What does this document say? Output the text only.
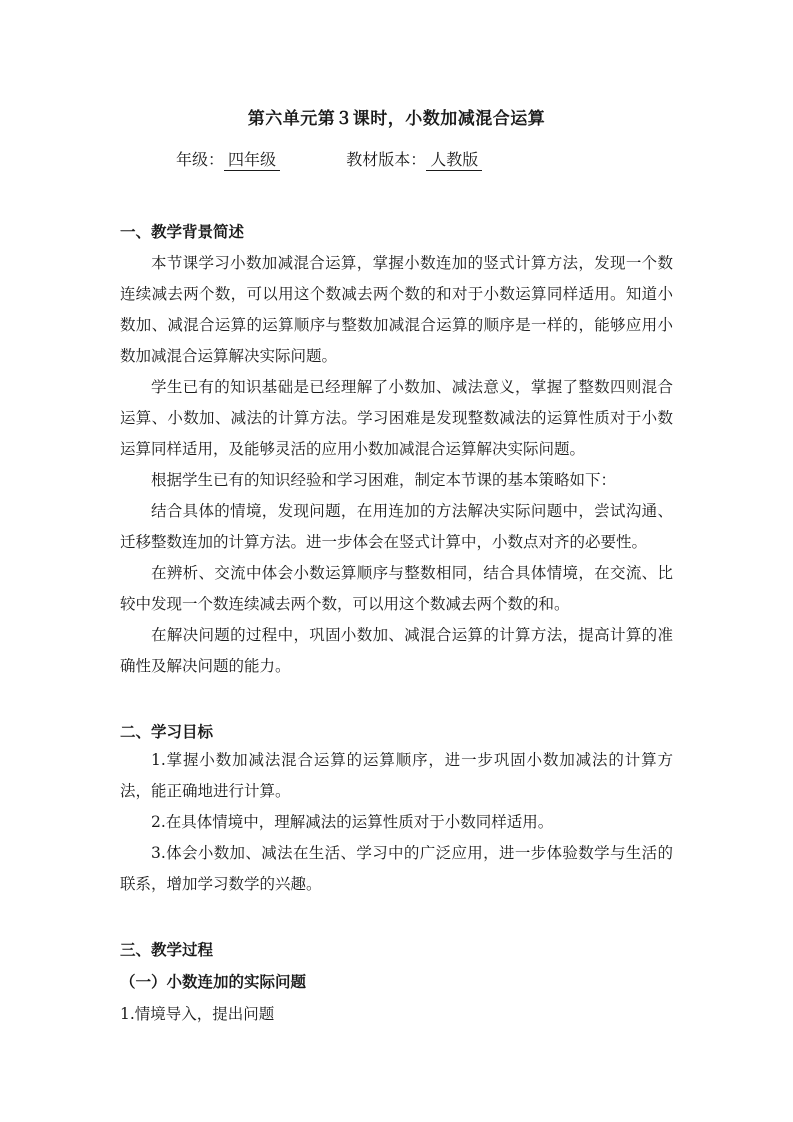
第六单元第３课时，小数加减混合运算
年级： 四年级	教材版本： 人教版
一、教学背景简述
本节课学习小数加减混合运算，掌握小数连加的竖式计算方法，发现一个数连续减去两个数，可以用这个数减去两个数的和对于小数运算同样适用。知道小数加、减混合运算的运算顺序与整数加减混合运算的顺序是一样的，能够应用小数加减混合运算解决实际问题。
学生已有的知识基础是已经理解了小数加、减法意义，掌握了整数四则混合运算、小数加、减法的计算方法。学习困难是发现整数减法的运算性质对于小数运算同样适用，及能够灵活的应用小数加减混合运算解决实际问题。
根据学生已有的知识经验和学习困难，制定本节课的基本策略如下：
结合具体的情境，发现问题，在用连加的方法解决实际问题中，尝试沟通、迁移整数连加的计算方法。进一步体会在竖式计算中，小数点对齐的必要性。
在辨析、交流中体会小数运算顺序与整数相同，结合具体情境，在交流、比较中发现一个数连续减去两个数，可以用这个数减去两个数的和。
在解决问题的过程中，巩固小数加、减混合运算的计算方法，提高计算的准确性及解决问题的能力。
二、学习目标
1.掌握小数加减法混合运算的运算顺序，进一步巩固小数加减法的计算方法，能正确地进行计算。
2.在具体情境中，理解减法的运算性质对于小数同样适用。
3.体会小数加、减法在生活、学习中的广泛应用，进一步体验数学与生活的联系，增加学习数学的兴趣。
三、教学过程
（一）小数连加的实际问题
1.情境导入，提出问题
